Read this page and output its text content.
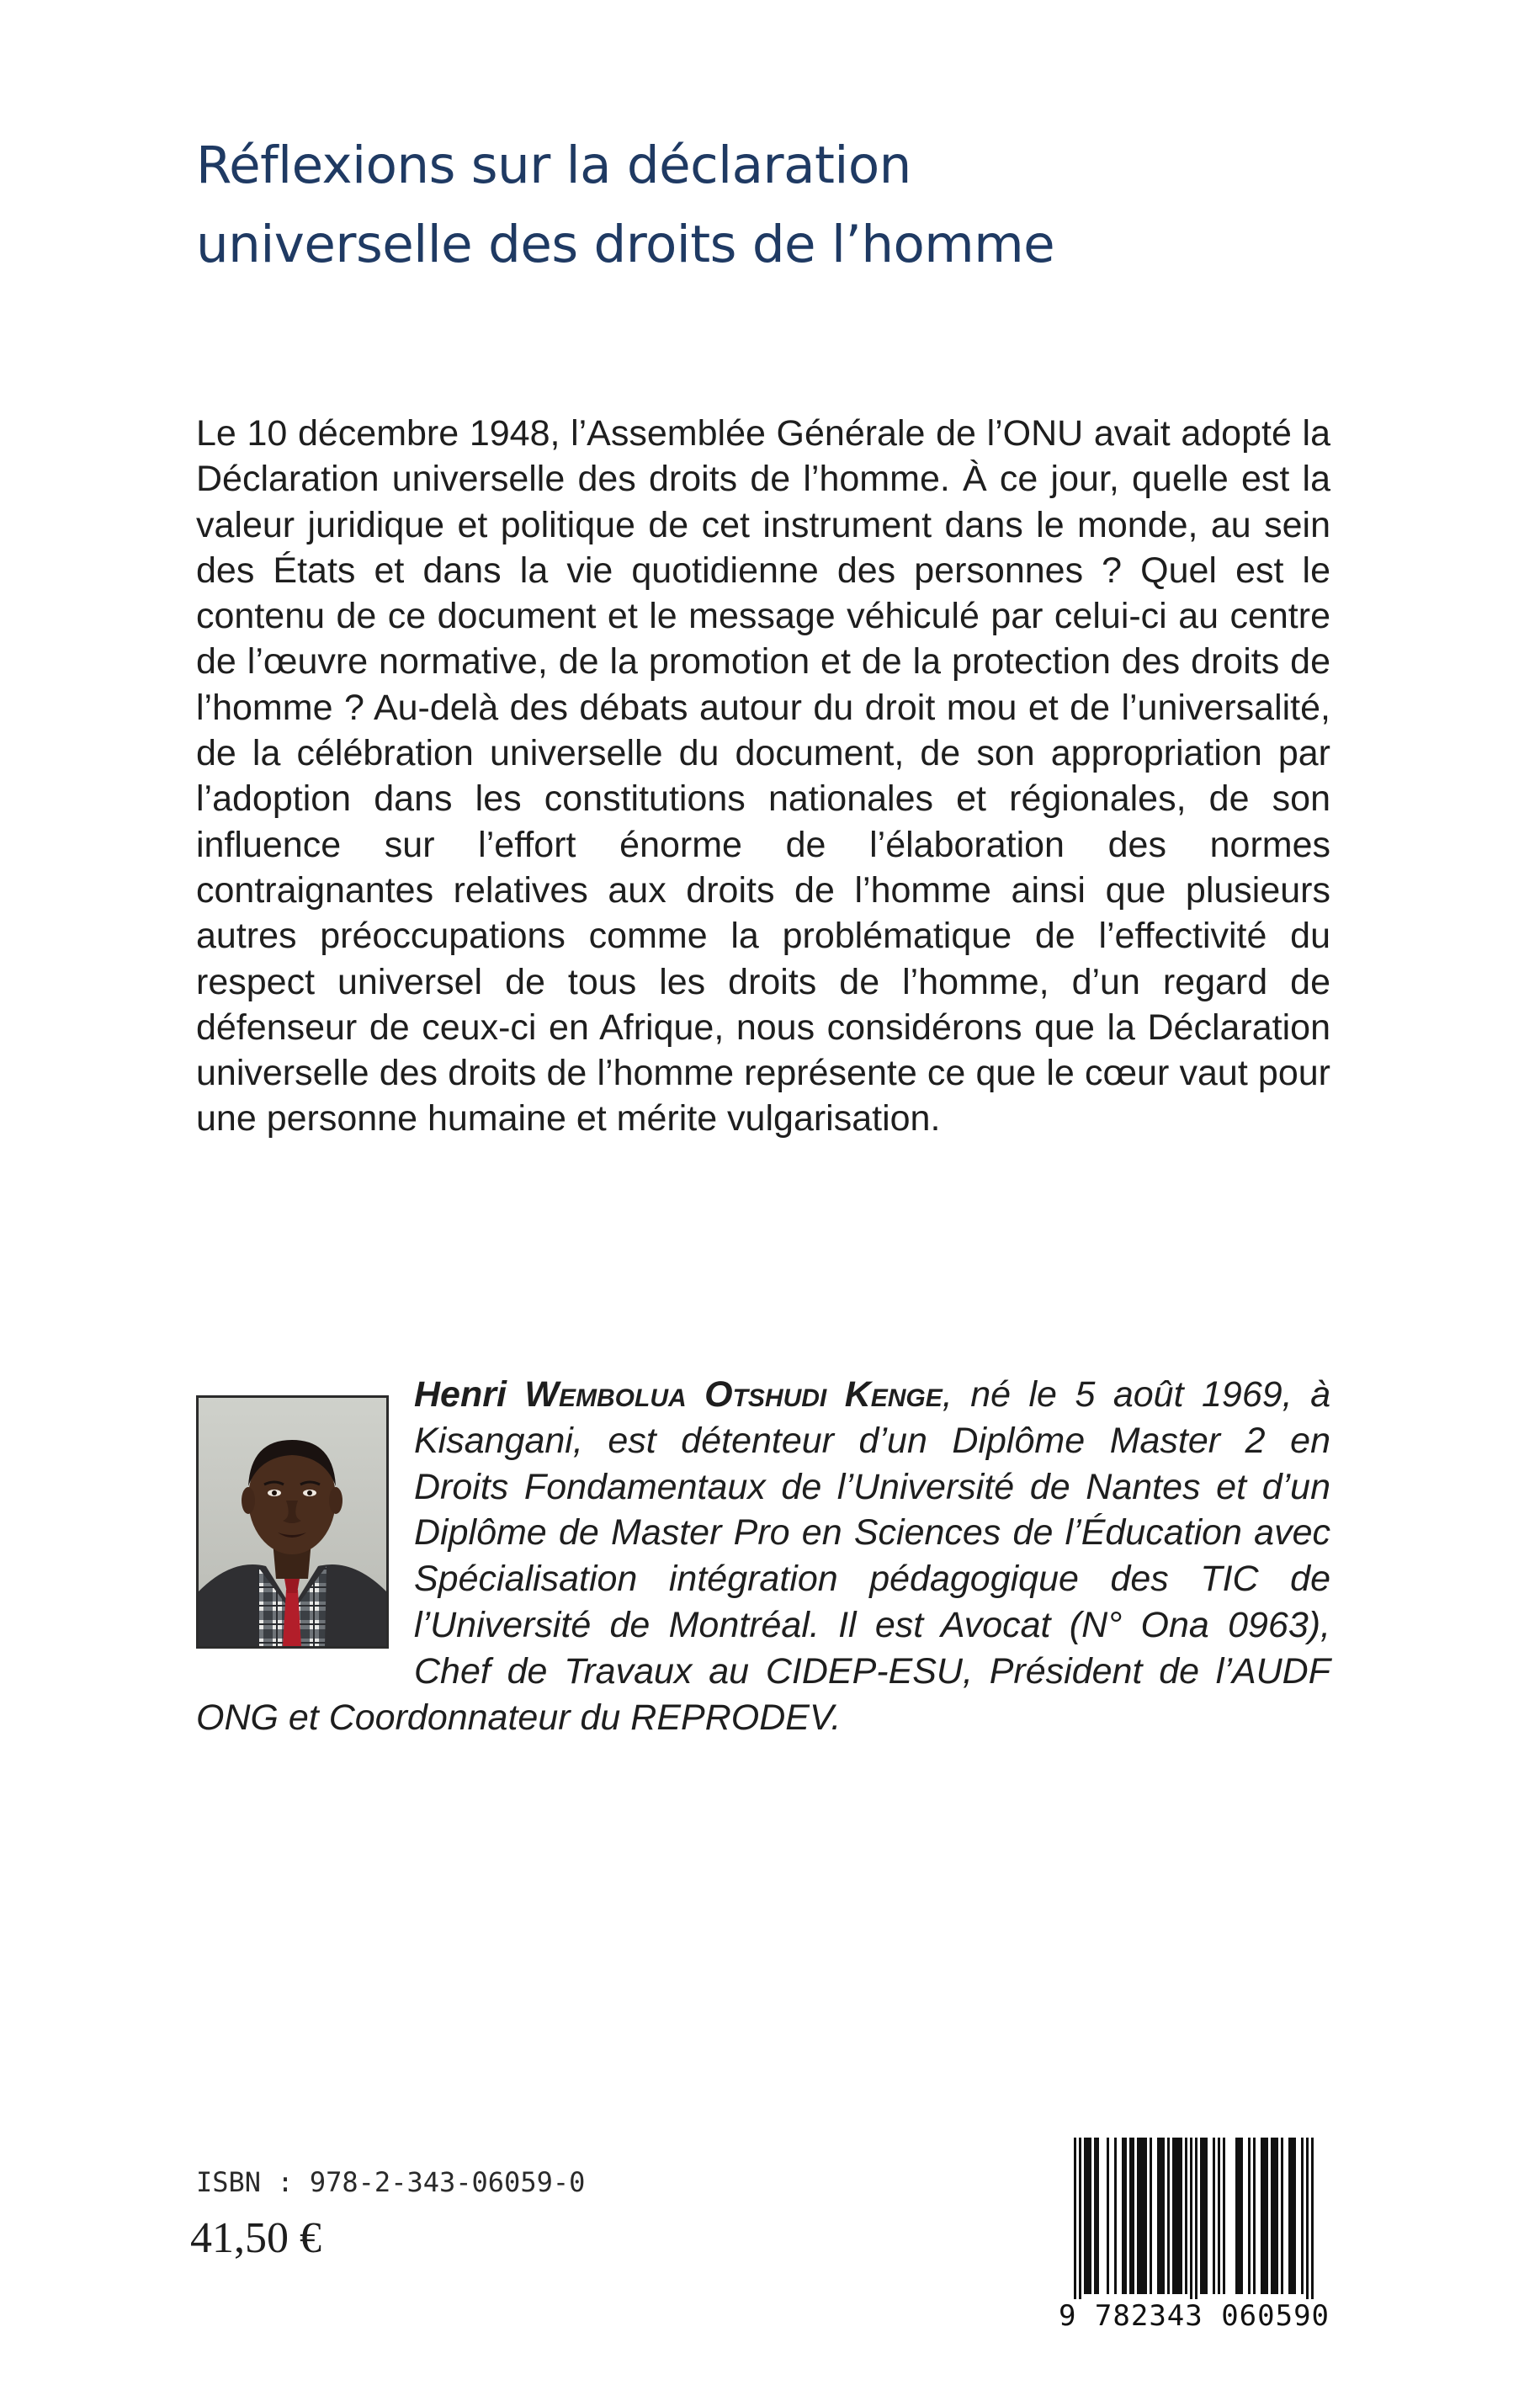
Réflexions sur la déclaration
universelle des droits de l’homme

Le 10 décembre 1948, l’Assemblée Générale de l’ONU avait adopté la Déclaration universelle des droits de l’homme. À ce jour, quelle est la valeur juridique et politique de cet instrument dans le monde, au sein des États et dans la vie quotidienne des personnes ? Quel est le contenu de ce document et le message véhiculé par celui-ci au centre de l’œuvre normative, de la promotion et de la protection des droits de l’homme ? Au-delà des débats autour du droit mou et de l’universalité, de la célébration universelle du document, de son appropriation par l’adoption dans les constitutions nationales et régionales, de son influence sur l’effort énorme de l’élaboration des normes contraignantes relatives aux droits de l’homme ainsi que plusieurs autres préoccupations comme la problématique de l’effectivité du respect universel de tous les droits de l’homme, d’un regard de défenseur de ceux-ci en Afrique, nous considérons que la Déclaration universelle des droits de l’homme représente ce que le cœur vaut pour une personne humaine et mérite vulgarisation.

Henri Wembolua Otshudi Kenge, né le 5 août 1969, à Kisangani, est détenteur d’un Diplôme Master 2 en Droits Fondamentaux de l’Université de Nantes et d’un Diplôme de Master Pro en Sciences de l’Éducation avec Spécialisation intégration pédagogique des TIC de l’Université de Montréal. Il est Avocat (N° Ona 0963), Chef de Travaux au CIDEP-ESU, Président de l’AUDF ONG et Coordonnateur du REPRODEV.

ISBN : 978-2-343-06059-0
41,50 €
9 782343 060590
